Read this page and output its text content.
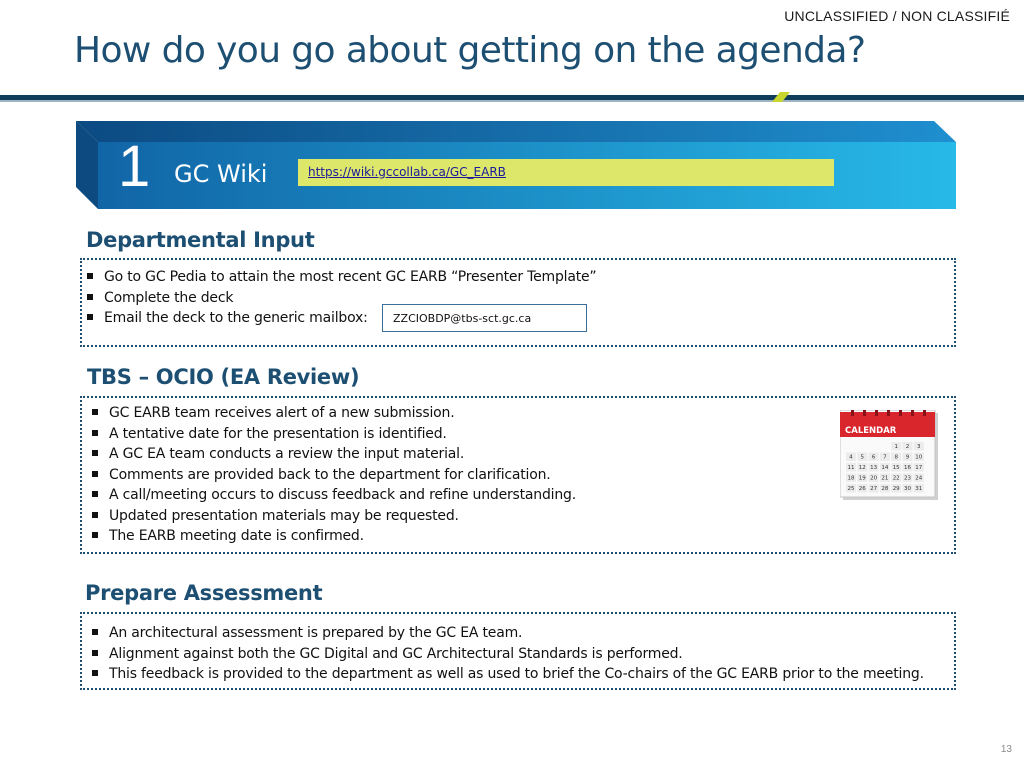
UNCLASSIFIED / NON CLASSIFIÉ
How do you go about getting on the agenda?
1 GC Wiki	https://wiki.gccollab.ca/GC_EARB
Departmental Input
Go to GC Pedia to attain the most recent GC EARB “Presenter Template”
Complete the deck
Email the deck to the generic mailbox:	ZZCIOBDP@tbs-sct.gc.ca
TBS – OCIO (EA Review)
GC EARB team receives alert of a new submission.
A tentative date for the presentation is identified.
A GC EA team conducts a review the input material.
Comments are provided back to the department for clarification.
A call/meeting occurs to discuss feedback and refine understanding.
Updated presentation materials may be requested.
The EARB meeting date is confirmed.
CALENDAR
1 2 3
4 5 6 7 8 9 10
11 12 13 14 15 16 17
18 19 20 21 22 23 24
25 26 27 28 29 30 31
Prepare Assessment
An architectural assessment is prepared by the GC EA team.
Alignment against both the GC Digital and GC Architectural Standards is performed.
This feedback is provided to the department as well as used to brief the Co-chairs of the GC EARB prior to the meeting.
13
